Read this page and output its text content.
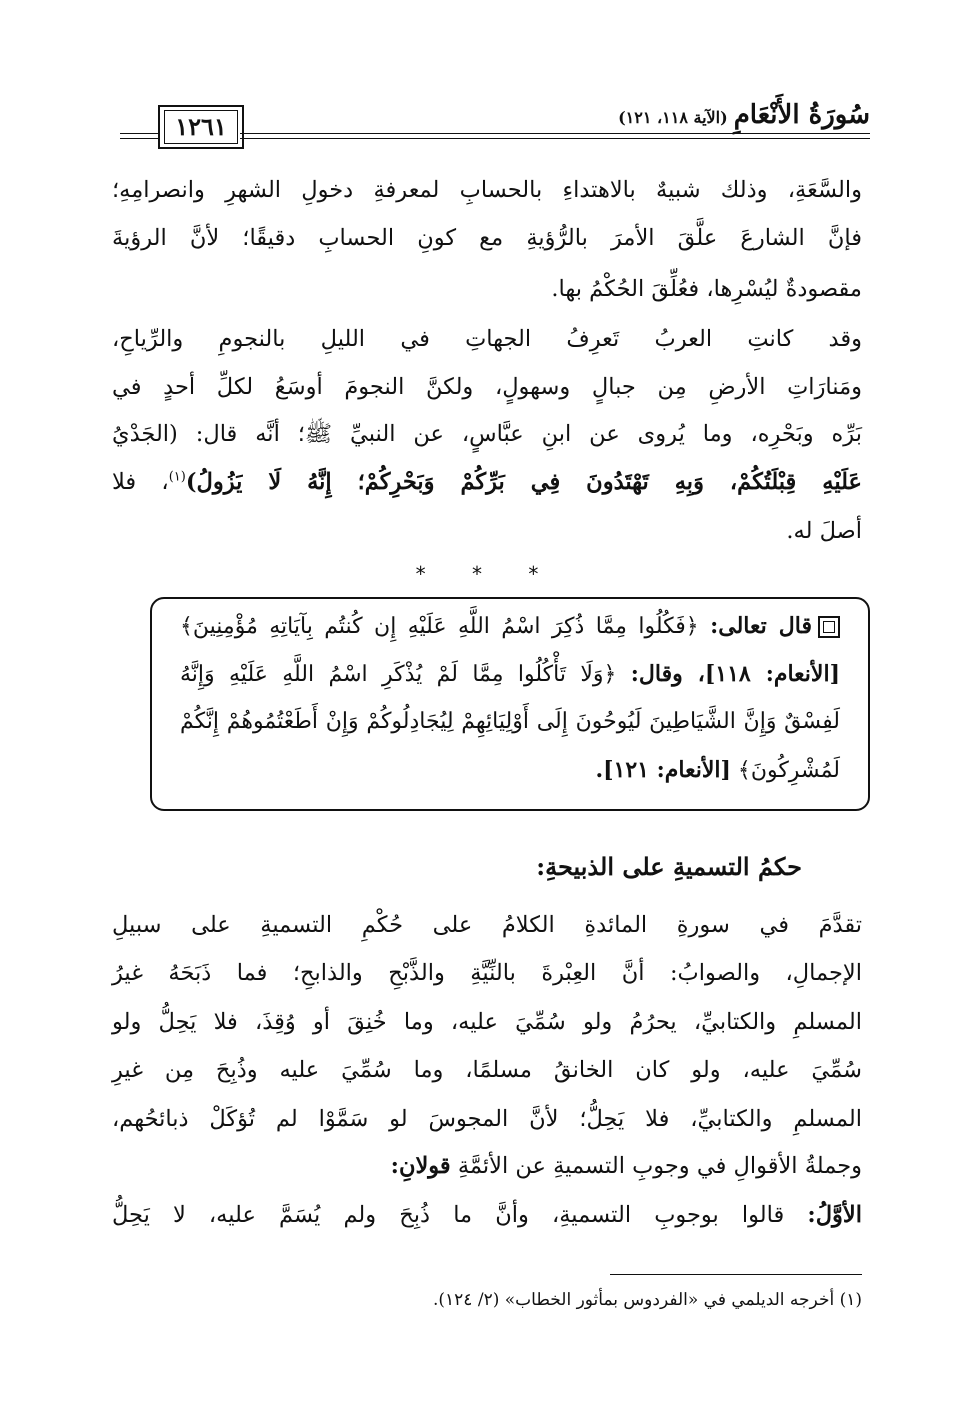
سُورَةُ الأَنْعَامِ(الآية ١١٨، ١٢١)
١٢٦١
والسَّعَةِ، وذلك شبيهٌ بالاهتداءِ بالحسابِ لمعرفةِ دخولِ الشهرِ وانصرامِهِ؛
فإنَّ الشارعَ علَّقَ الأمرَ بالرُّؤيةِ مع كونِ الحسابِ دقيقًا؛ لأنَّ الرؤيةَ
مقصودةٌ ليُسْرِها، فعُلِّقَ الحُكْمُ بها.
وقد كانتِ العربُ تَعرِفُ الجهاتِ في الليلِ بالنجومِ والرِّياحِ،
ومَنارَاتِ الأرضِ مِن جبالٍ وسهولٍ، ولكنَّ النجومَ أوسَعُ لكلِّ أحدٍ في
بَرِّه وبَحْرِه، وما يُروى عن ابنِ عبَّاسٍ، عن النبيِّ ﷺ؛ أنَّه قال: (الجَدْيُ
عَلَيْهِ قِبْلَتُكُمْ، وَبِهِ تَهْتَدُونَ فِي بَرِّكُمْ وَبَحْرِكُمْ؛ إِنَّهُ لَا يَزُولُ)$^{(١)}$، فلا
أصلَ له.
* * *
قال تعالى: ﴿فَكُلُوا مِمَّا ذُكِرَ اسْمُ اللَّهِ عَلَيْهِ إِن كُنتُم بِآيَاتِهِ مُؤْمِنِينَ﴾
[الأنعام: ١١٨]، وقال: ﴿وَلَا تَأْكُلُوا مِمَّا لَمْ يُذْكَرِ اسْمُ اللَّهِ عَلَيْهِ وَإِنَّهُ
لَفِسْقٌ وَإِنَّ الشَّيَاطِينَ لَيُوحُونَ إِلَى أَوْلِيَائِهِمْ لِيُجَادِلُوكُمْ وَإِنْ أَطَعْتُمُوهُمْ إِنَّكُمْ
لَمُشْرِكُونَ﴾ [الأنعام: ١٢١].
حكمُ التسميةِ على الذبيحةِ:
تقدَّمَ في سورةِ المائدةِ الكلامُ على حُكْمِ التسميةِ على سبيلِ
الإجمالِ، والصوابُ: أنَّ العِبْرةَ بالنِّيَّةِ والذَّبْحِ والذابحِ؛ فما ذَبَحَهُ غيرُ
المسلمِ والكتابيِّ، يحرُمُ ولو سُمِّيَ عليه، وما خُنِقَ أو وُقِذَ، فلا يَحِلُّ ولو
سُمِّيَ عليه، ولو كان الخانقُ مسلمًا، وما سُمِّيَ عليه وذُبِحَ مِن غيرِ
المسلمِ والكتابيِّ، فلا يَحِلُّ؛ لأنَّ المجوسَ لو سَمَّوْا لم تُؤكَلْ ذبائحُهم،
وجملةُ الأقوالِ في وجوبِ التسميةِ عن الأئمَّةِ قولانِ:
الأوَّلُ: قالوا بوجوبِ التسميةِ، وأنَّ ما ذُبِحَ ولم يُسَمَّ عليه، لا يَحِلُّ
(١) أخرجه الديلمي في «الفردوس بمأثور الخطاب» (٢/ ١٢٤).
